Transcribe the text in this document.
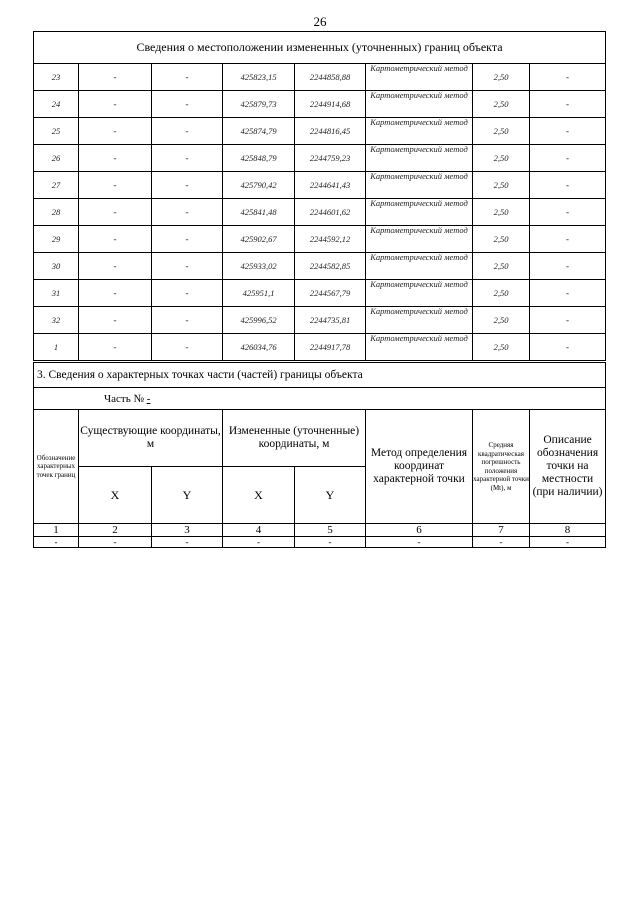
26
Сведения о местоположении измененных (уточненных) границ объекта							
23	-	-	425823,15	2244858,88	Картометрический метод	2,50	-
24	-	-	425879,73	2244914,68	Картометрический метод	2,50	-
25	-	-	425874,79	2244816,45	Картометрический метод	2,50	-
26	-	-	425848,79	2244759,23	Картометрический метод	2,50	-
27	-	-	425790,42	2244641,43	Картометрический метод	2,50	-
28	-	-	425841,48	2244601,62	Картометрический метод	2,50	-
29	-	-	425902,67	2244592,12	Картометрический метод	2,50	-
30	-	-	425933,02	2244582,85	Картометрический метод	2,50	-
31	-	-	425951,1	2244567,79	Картометрический метод	2,50	-
32	-	-	425996,52	2244735,81	Картометрический метод	2,50	-
1	-	-	426034,76	2244917,78	Картометрический метод	2,50	-
3. Сведения о характерных точках части (частей) границы объекта							
Часть № -							
Обозначение характерных точек границ	Существующие координаты, м		Измененные (уточненные) координаты, м		Метод определения координат характерной точки	Средняя квадратическая погрешность положения характерной точки (Mt), м	Описание обозначения точки на местности (при наличии)
	X	Y	X	Y			
1	2	3	4	5	6	7	8
-	-	-	-	-	-	-	-
